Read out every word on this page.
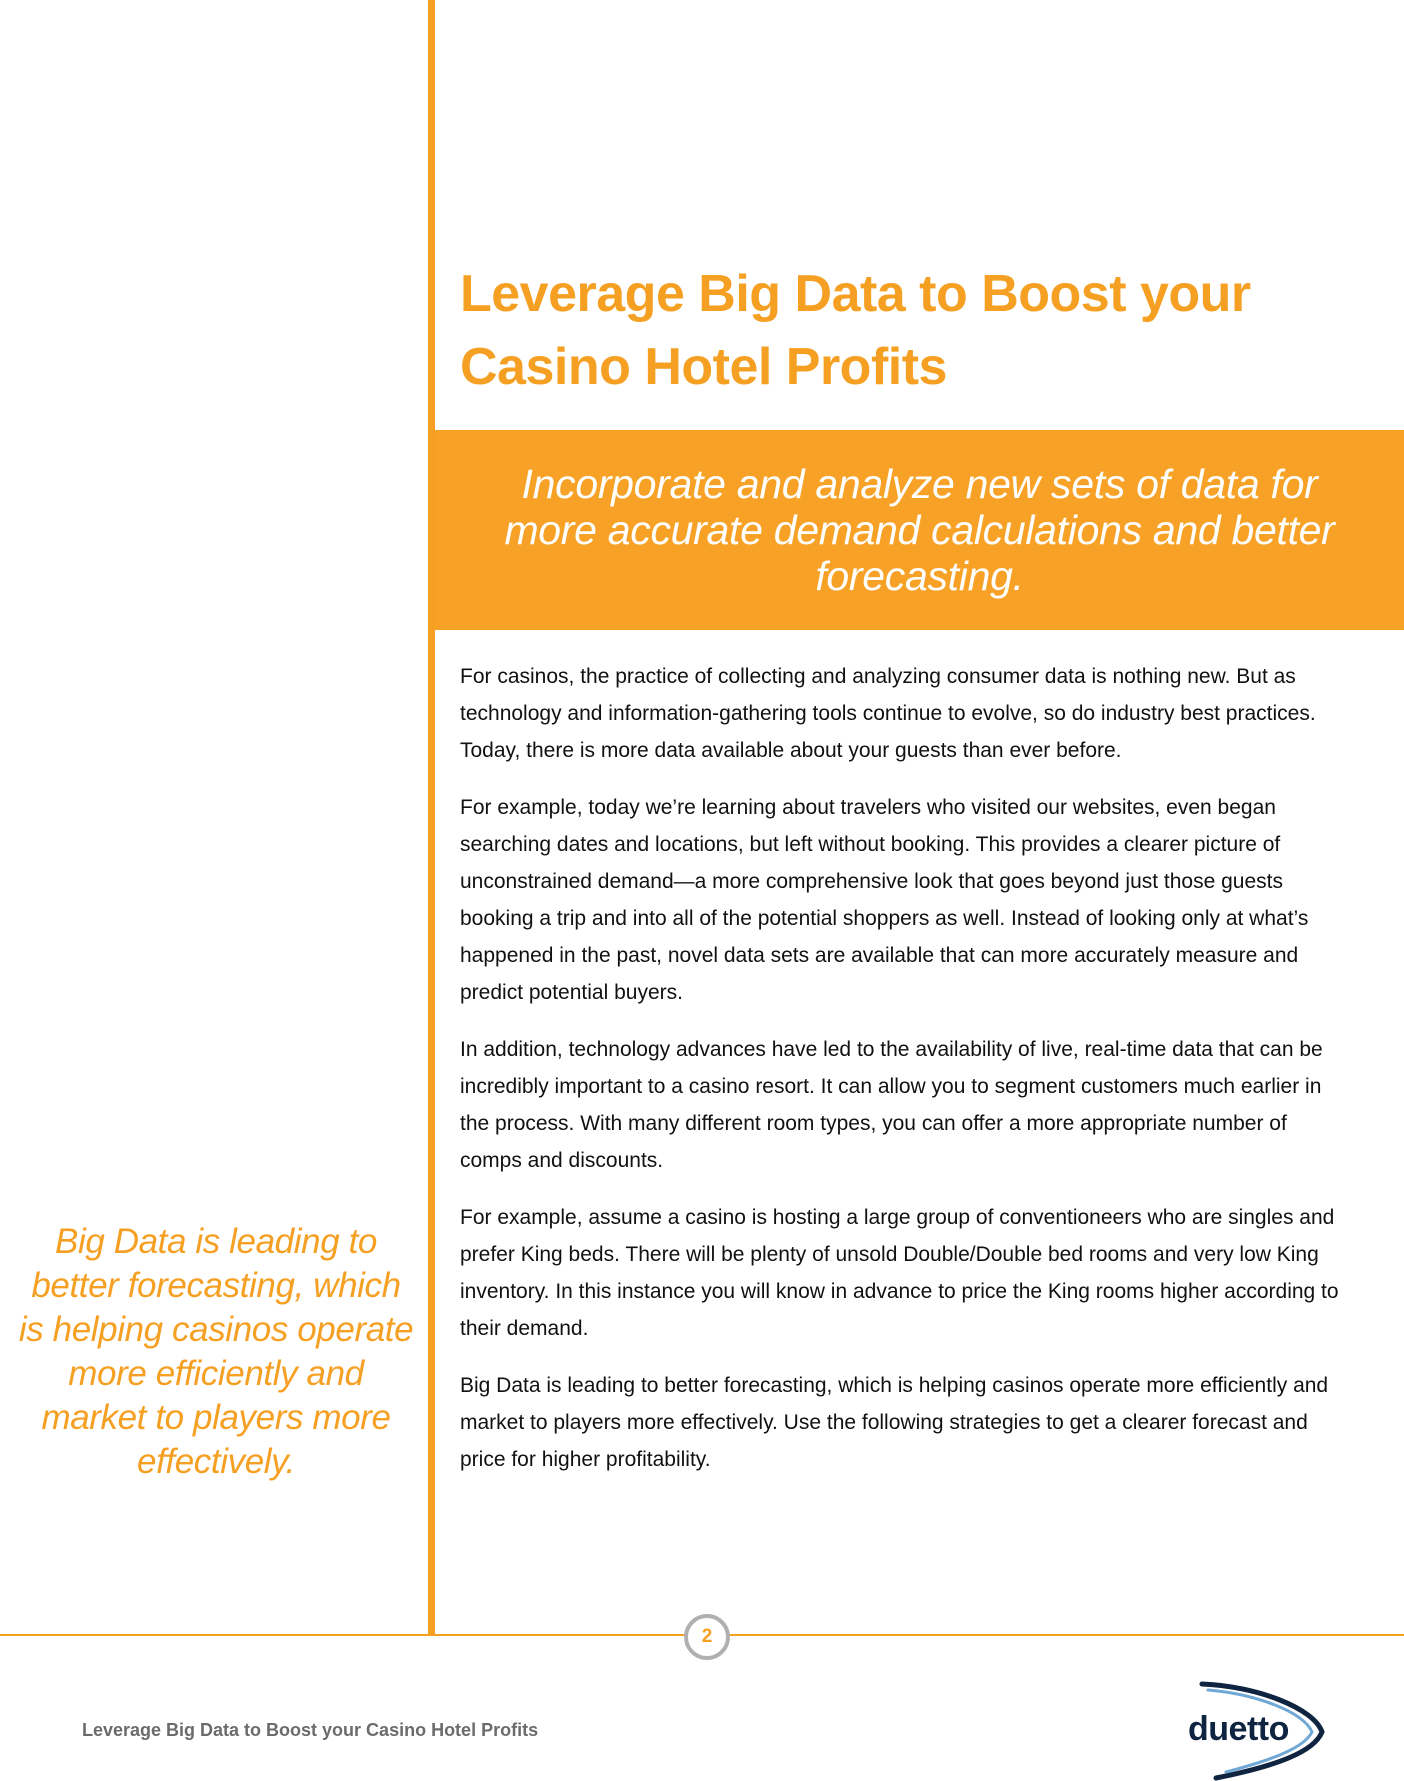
Leverage Big Data to Boost your Casino Hotel Profits

Incorporate and analyze new sets of data for more accurate demand calculations and better forecasting.

For casinos, the practice of collecting and analyzing consumer data is nothing new. But as technology and information-gathering tools continue to evolve, so do industry best practices. Today, there is more data available about your guests than ever before.

For example, today we’re learning about travelers who visited our websites, even began searching dates and locations, but left without booking. This provides a clearer picture of unconstrained demand—a more comprehensive look that goes beyond just those guests booking a trip and into all of the potential shoppers as well. Instead of looking only at what’s happened in the past, novel data sets are available that can more accurately measure and predict potential buyers.

In addition, technology advances have led to the availability of live, real-time data that can be incredibly important to a casino resort. It can allow you to segment customers much earlier in the process. With many different room types, you can offer a more appropriate number of comps and discounts.

For example, assume a casino is hosting a large group of conventioneers who are singles and prefer King beds. There will be plenty of unsold Double/Double bed rooms and very low King inventory. In this instance you will know in advance to price the King rooms higher according to their demand.

Big Data is leading to better forecasting, which is helping casinos operate more efficiently and market to players more effectively. Use the following strategies to get a clearer forecast and price for higher profitability.

Big Data is leading to better forecasting, which is helping casinos operate more efficiently and market to players more effectively.

2
Leverage Big Data to Boost your Casino Hotel Profits	duetto
